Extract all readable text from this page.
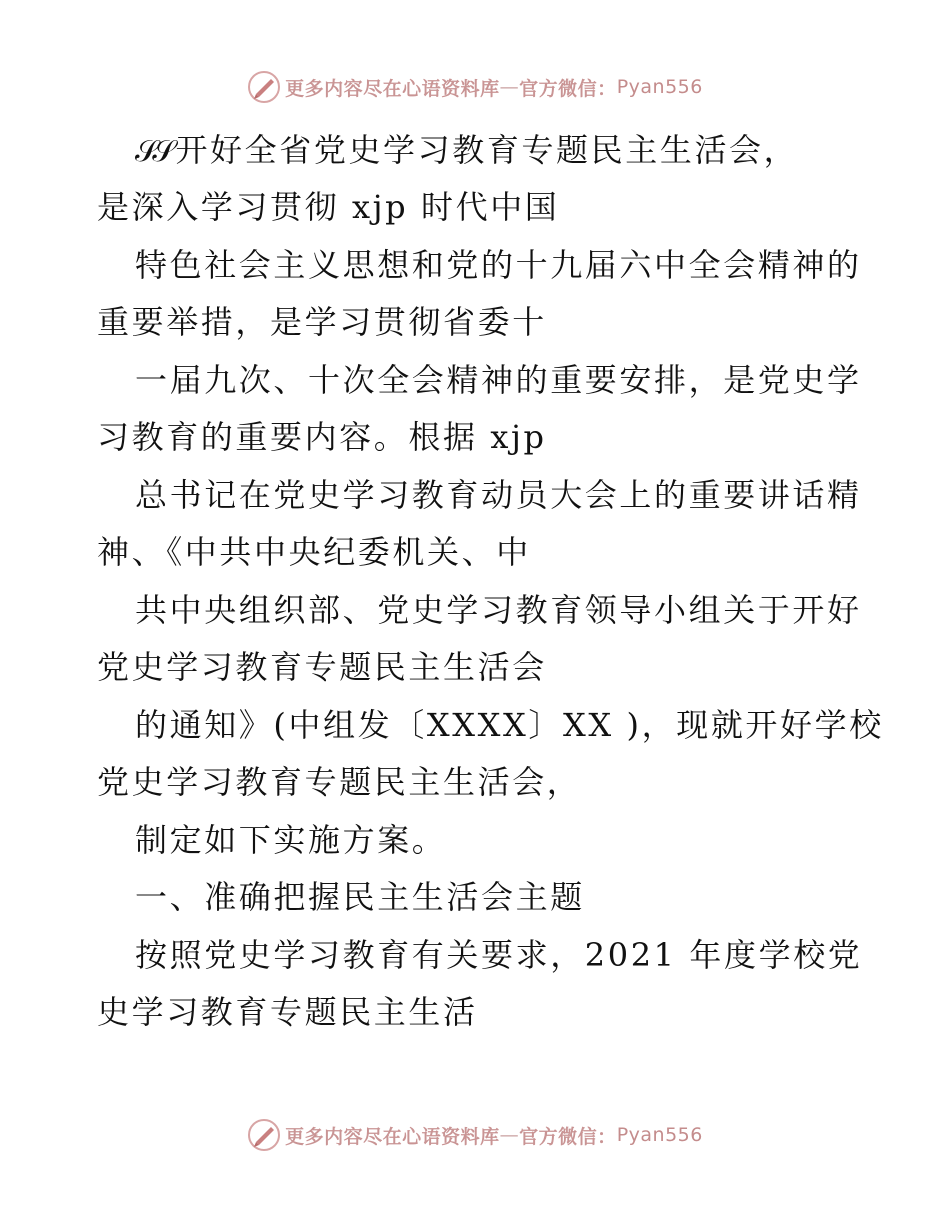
更多内容尽在心语资料库 — 官方微信： Pyan556
𝒮𝒮 开好全省党史学习教育专题民主生活会，
是深入学习贯彻 xjp 时代中国
特色社会主义思想和党的十九届六中全会精神的
重要举措，是学习贯彻省委十
一届九次、十次全会精神的重要安排，是党史学
习教育的重要内容。根据 xjp
总书记在党史学习教育动员大会上的重要讲话精
神、《中共中央纪委机关、中
共中央组织部、党史学习教育领导小组关于开好
党史学习教育专题民主生活会
的通知》(中组发〔XXXX〕XX )，现就开好学校
党史学习教育专题民主生活会，
制定如下实施方案。
一、准确把握民主生活会主题
按照党史学习教育有关要求，2021 年度学校党
史学习教育专题民主生活
更多内容尽在心语资料库 — 官方微信： Pyan556
